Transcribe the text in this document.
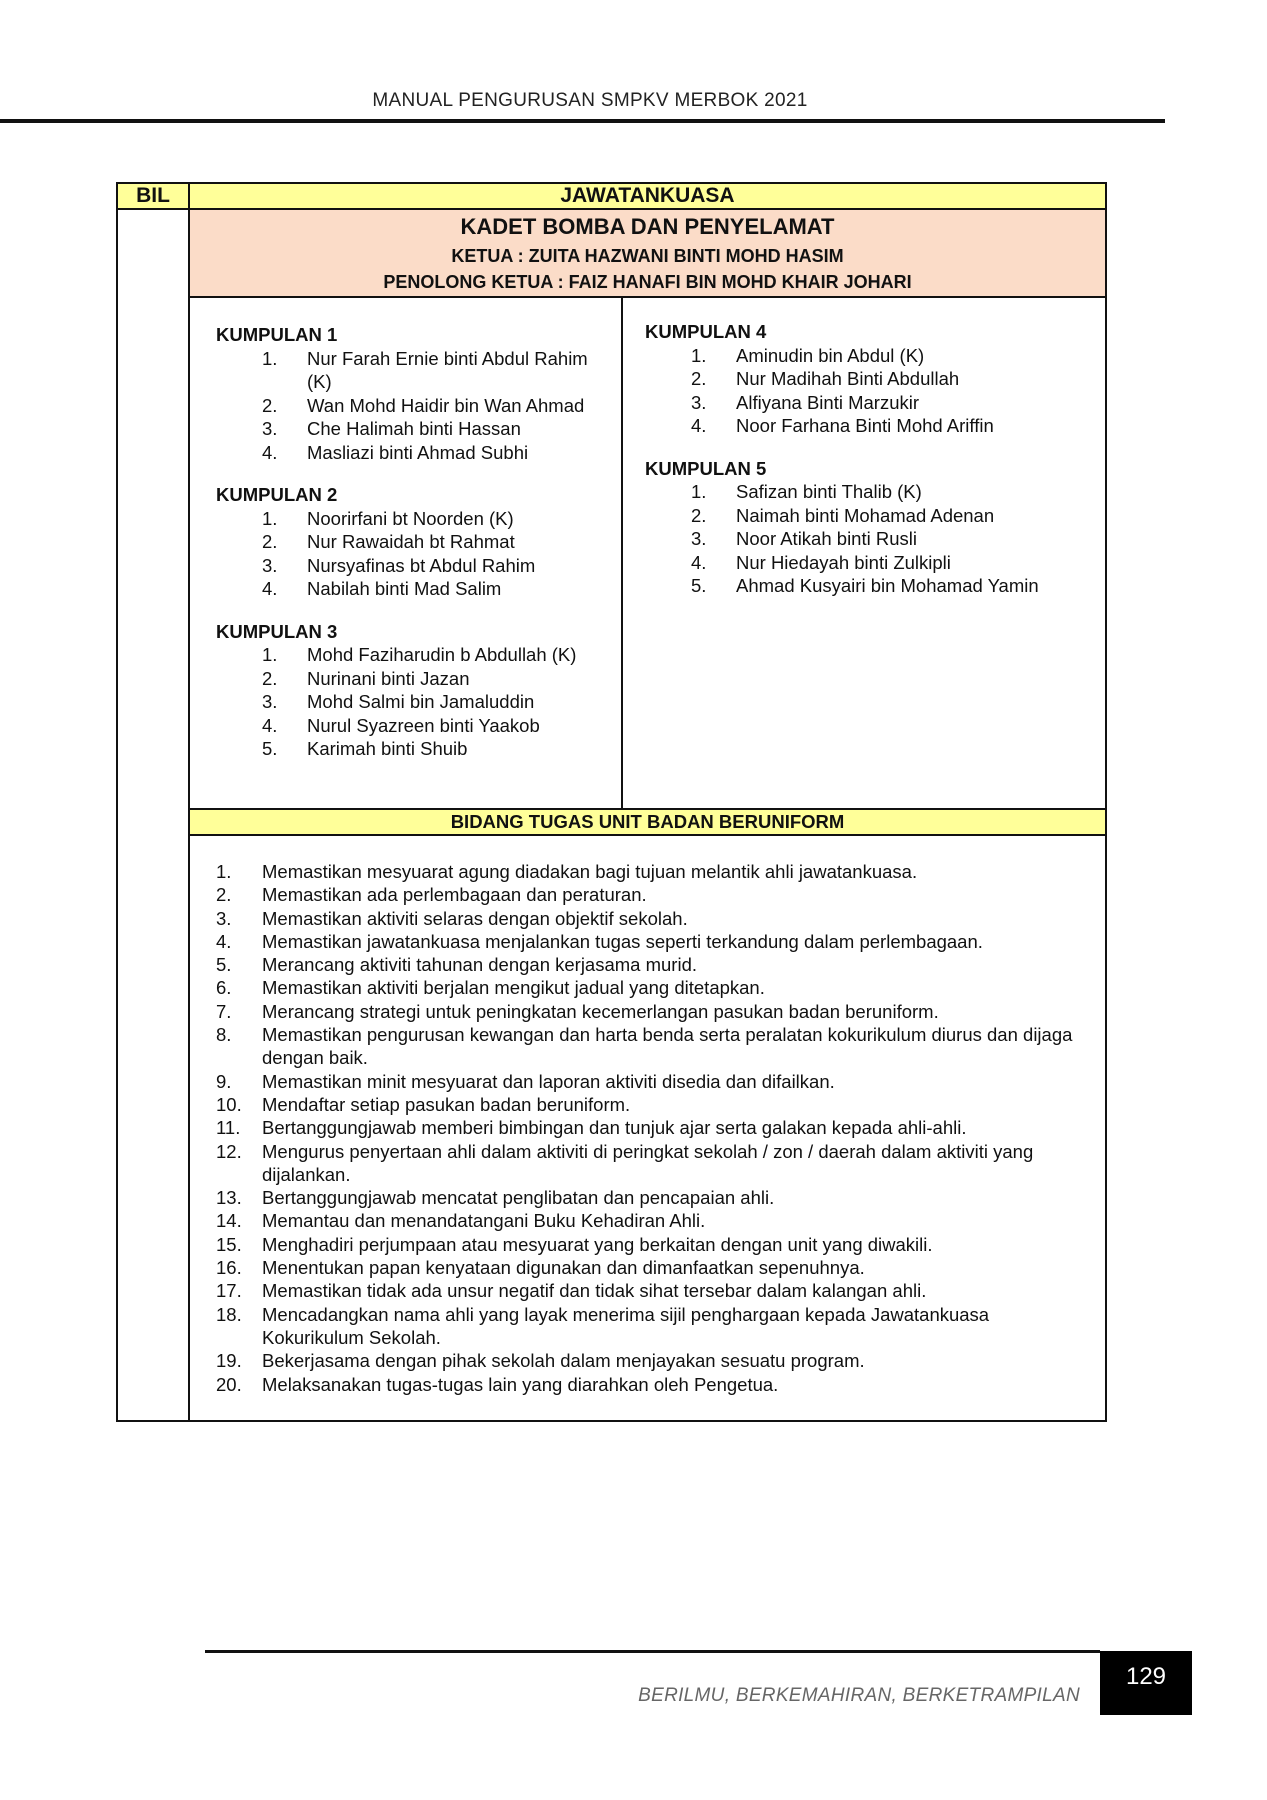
MANUAL PENGURUSAN SMPKV MERBOK 2021
BIL	JAWATANKUASA
KADET BOMBA DAN PENYELAMAT
KETUA : ZUITA HAZWANI BINTI MOHD HASIM
PENOLONG KETUA : FAIZ HANAFI BIN MOHD KHAIR JOHARI
KUMPULAN 1
1. Nur Farah Ernie binti Abdul Rahim (K)
2. Wan Mohd Haidir bin Wan Ahmad
3. Che Halimah binti Hassan
4. Masliazi binti Ahmad Subhi
KUMPULAN 2
1. Noorirfani bt Noorden (K)
2. Nur Rawaidah bt Rahmat
3. Nursyafinas bt Abdul Rahim
4. Nabilah binti Mad Salim
KUMPULAN 3
1. Mohd Faziharudin b Abdullah (K)
2. Nurinani binti Jazan
3. Mohd Salmi bin Jamaluddin
4. Nurul Syazreen binti Yaakob
5. Karimah binti Shuib
KUMPULAN 4
1. Aminudin bin Abdul (K)
2. Nur Madihah Binti Abdullah
3. Alfiyana Binti Marzukir
4. Noor Farhana Binti Mohd Ariffin
KUMPULAN 5
1. Safizan binti Thalib (K)
2. Naimah binti Mohamad Adenan
3. Noor Atikah binti Rusli
4. Nur Hiedayah binti Zulkipli
5. Ahmad Kusyairi bin Mohamad Yamin
BIDANG TUGAS UNIT BADAN BERUNIFORM
1. Memastikan mesyuarat agung diadakan bagi tujuan melantik ahli jawatankuasa.
2. Memastikan ada perlembagaan dan peraturan.
3. Memastikan aktiviti selaras dengan objektif sekolah.
4. Memastikan jawatankuasa menjalankan tugas seperti terkandung dalam perlembagaan.
5. Merancang aktiviti tahunan dengan kerjasama murid.
6. Memastikan aktiviti berjalan mengikut jadual yang ditetapkan.
7. Merancang strategi untuk peningkatan kecemerlangan pasukan badan beruniform.
8. Memastikan pengurusan kewangan dan harta benda serta peralatan kokurikulum diurus dan dijaga dengan baik.
9. Memastikan minit mesyuarat dan laporan aktiviti disedia dan difailkan.
10. Mendaftar setiap pasukan badan beruniform.
11. Bertanggungjawab memberi bimbingan dan tunjuk ajar serta galakan kepada ahli-ahli.
12. Mengurus penyertaan ahli dalam aktiviti di peringkat sekolah / zon / daerah dalam aktiviti yang dijalankan.
13. Bertanggungjawab mencatat penglibatan dan pencapaian ahli.
14. Memantau dan menandatangani Buku Kehadiran Ahli.
15. Menghadiri perjumpaan atau mesyuarat yang berkaitan dengan unit yang diwakili.
16. Menentukan papan kenyataan digunakan dan dimanfaatkan sepenuhnya.
17. Memastikan tidak ada unsur negatif dan tidak sihat tersebar dalam kalangan ahli.
18. Mencadangkan nama ahli yang layak menerima sijil penghargaan kepada Jawatankuasa Kokurikulum Sekolah.
19. Bekerjasama dengan pihak sekolah dalam menjayakan sesuatu program.
20. Melaksanakan tugas-tugas lain yang diarahkan oleh Pengetua.
BERILMU, BERKEMAHIRAN, BERKETRAMPILAN
129
